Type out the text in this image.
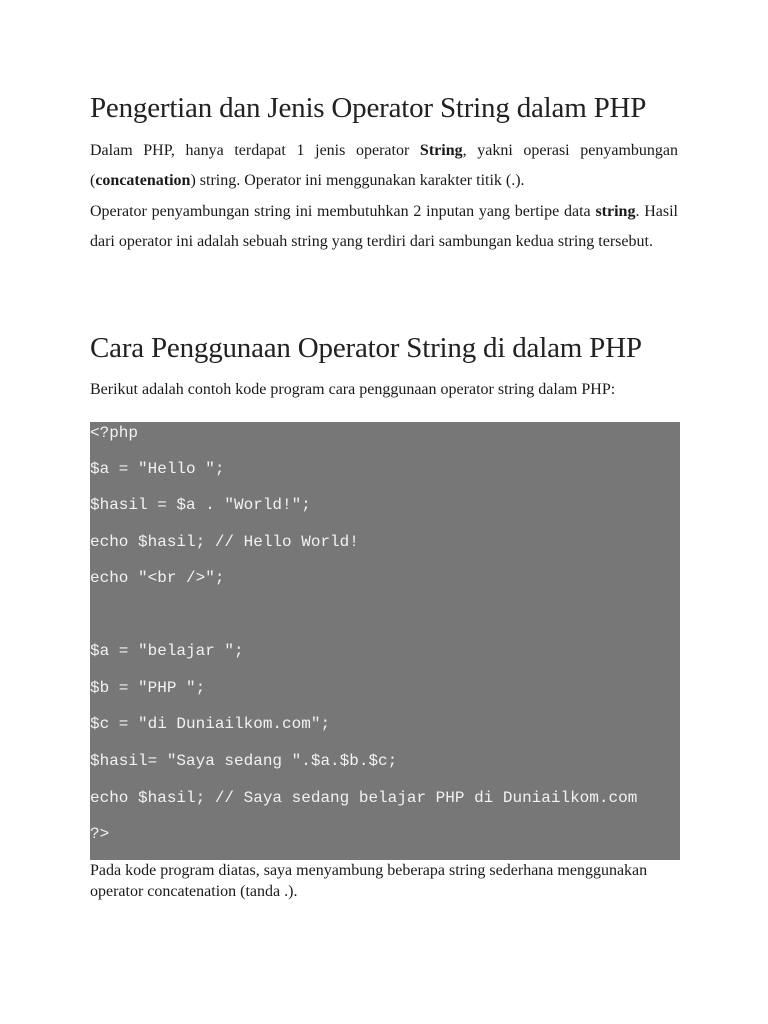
Pengertian dan Jenis Operator String dalam PHP

Dalam PHP, hanya terdapat 1 jenis operator String, yakni operasi penyambungan (concatenation) string. Operator ini menggunakan karakter titik (.).

Operator penyambungan string ini membutuhkan 2 inputan yang bertipe data string. Hasil dari operator ini adalah sebuah string yang terdiri dari sambungan kedua string tersebut.

Cara Penggunaan Operator String di dalam PHP

Berikut adalah contoh kode program cara penggunaan operator string dalam PHP:

<?php
$a = "Hello ";
$hasil = $a . "World!";
echo $hasil; // Hello World!
echo "<br />";
$a = "belajar ";
$b = "PHP ";
$c = "di Duniailkom.com";
$hasil= "Saya sedang ".$a.$b.$c;
echo $hasil; // Saya sedang belajar PHP di Duniailkom.com
?>

Pada kode program diatas, saya menyambung beberapa string sederhana menggunakan operator concatenation (tanda .).
